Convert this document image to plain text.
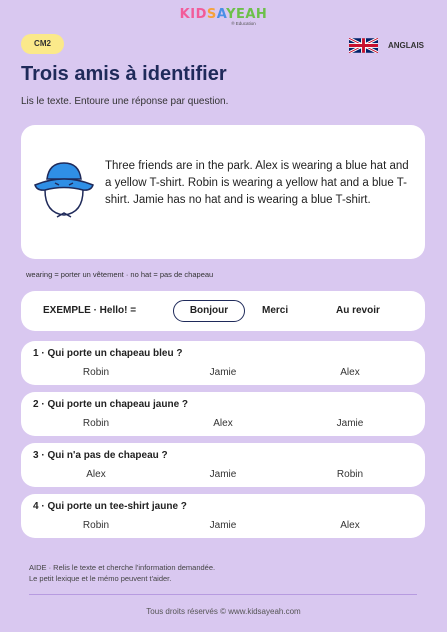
KIDSAYEAH
® Education
CM2	ANGLAIS
Trois amis à identifier
Lis le texte. Entoure une réponse par question.
Three friends are in the park. Alex is wearing a blue hat and a yellow T-shirt. Robin is wearing a yellow hat and a blue T-shirt. Jamie has no hat and is wearing a blue T-shirt.
wearing = porter un vêtement · no hat = pas de chapeau
EXEMPLE · Hello! =	Bonjour	Merci	Au revoir
1 · Qui porte un chapeau bleu ?
Robin	Jamie	Alex
2 · Qui porte un chapeau jaune ?
Robin	Alex	Jamie
3 · Qui n'a pas de chapeau ?
Alex	Jamie	Robin
4 · Qui porte un tee-shirt jaune ?
Robin	Jamie	Alex
AIDE · Relis le texte et cherche l'information demandée.
Le petit lexique et le mémo peuvent t'aider.
Tous droits réservés © www.kidsayeah.com
